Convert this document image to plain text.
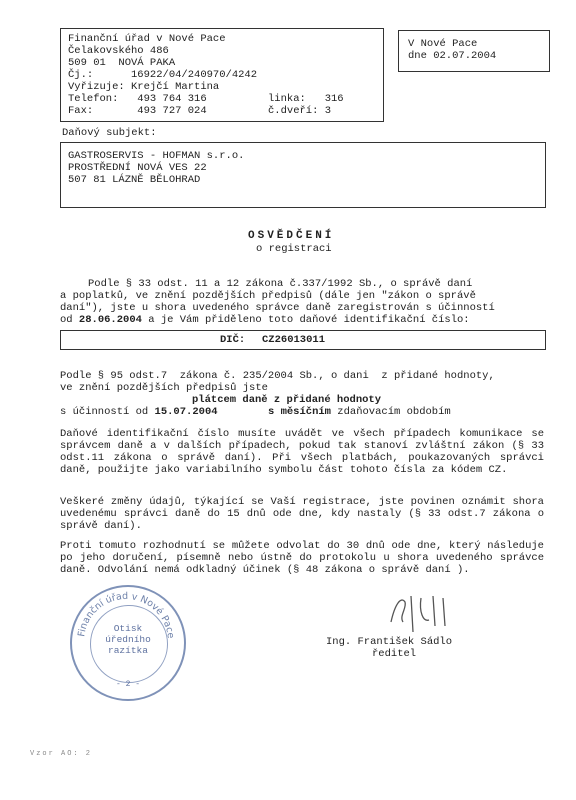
Finanční úřad v Nové Pace
Čelakovského 486
509 01  NOVÁ PAKA
Čj.:      16922/04/240970/4242
Vyřizuje: Krejčí Martina
Telefon:   493 764 316	linka:   316
Fax:       493 727 024	č.dveří: 3
V Nové Pace
dne 02.07.2004
Daňový subjekt:
GASTROSERVIS - HOFMAN s.r.o.
PROSTŘEDNÍ NOVÁ VES 22
507 81 LÁZNĚ BĚLOHRAD
OSVĚDČENÍ
o registraci
Podle § 33 odst. 11 a 12 zákona č.337/1992 Sb., o správě daní
a poplatků, ve znění pozdějších předpisů (dále jen "zákon o správě
daní"), jste u shora uvedeného správce daně zaregistrován s účinností
od 28.06.2004 a je Vám přiděleno toto daňové identifikační číslo:
DIČ: CZ26013011
Podle § 95 odst.7  zákona č. 235/2004 Sb., o dani  z přidané hodnoty,
ve znění pozdějších předpisů jste
plátcem daně z přidané hodnoty
s účinností od 15.07.2004	s měsíčním zdaňovacím obdobím
Daňové identifikační číslo musíte uvádět ve všech případech komunikace se správcem daně a v dalších případech, pokud tak stanoví zvláštní zákon (§ 33 odst.11 zákona o správě daní). Při všech platbách, poukazovaných správci daně, použijte jako variabilního symbolu část tohoto čísla za kódem CZ.
Veškeré změny údajů, týkající se Vaší registrace, jste povinen oznámit shora uvedenému správci daně do 15 dnů ode dne, kdy nastaly (§ 33 odst.7 zákona o správě daní).
Proti tomuto rozhodnutí se můžete odvolat do 30 dnů ode dne, který následuje po jeho doručení, písemně nebo ústně do protokolu u shora uvedeného správce daně. Odvolání nemá odkladný účinek (§ 48 zákona o správě daní ).
Finanční úřad v Nové Pace
Otisk
úředního
razítka
- 2 -
Ing. František Sádlo
ředitel
Vzor AO: 2
